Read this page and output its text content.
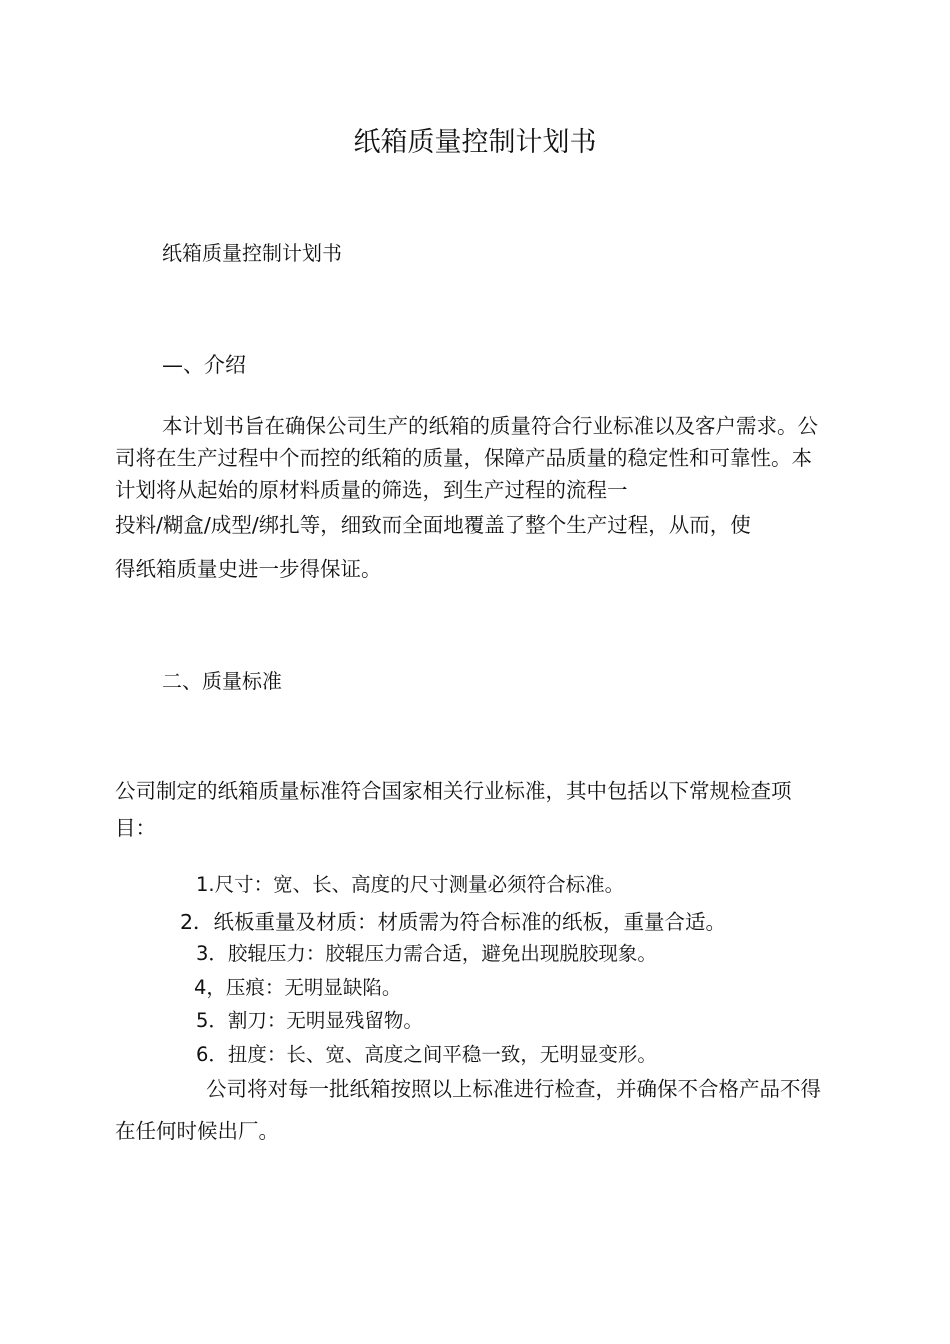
纸箱质量控制计划书
纸箱质量控制计划书
—、介绍
本计划书旨在确保公司生产的纸箱的质量符合行业标准以及客户需求。公
司将在生产过程中个而控的纸箱的质量，保障产品质量的稳定性和可靠性。本
计划将从起始的原材料质量的筛选，到生产过程的流程一
投料/糊盒/成型/绑扎等，细致而全面地覆盖了整个生产过程，从而，使
得纸箱质量史进一步得保证。
二、质量标准
公司制定的纸箱质量标准符合国家相关行业标准，其中包括以下常规检查项
目：
1.尺寸：宽、长、高度的尺寸测量必须符合标准。
2．纸板重量及材质：材质需为符合标准的纸板，重量合适。
3．胶辊压力：胶辊压力需合适，避免出现脱胶现象。
4，压痕：无明显缺陷。
5．割刀：无明显残留物。
6．扭度：长、宽、高度之间平稳一致，无明显变形。
公司将对每一批纸箱按照以上标准进行检查，并确保不合格产品不得
在任何时候出厂。
